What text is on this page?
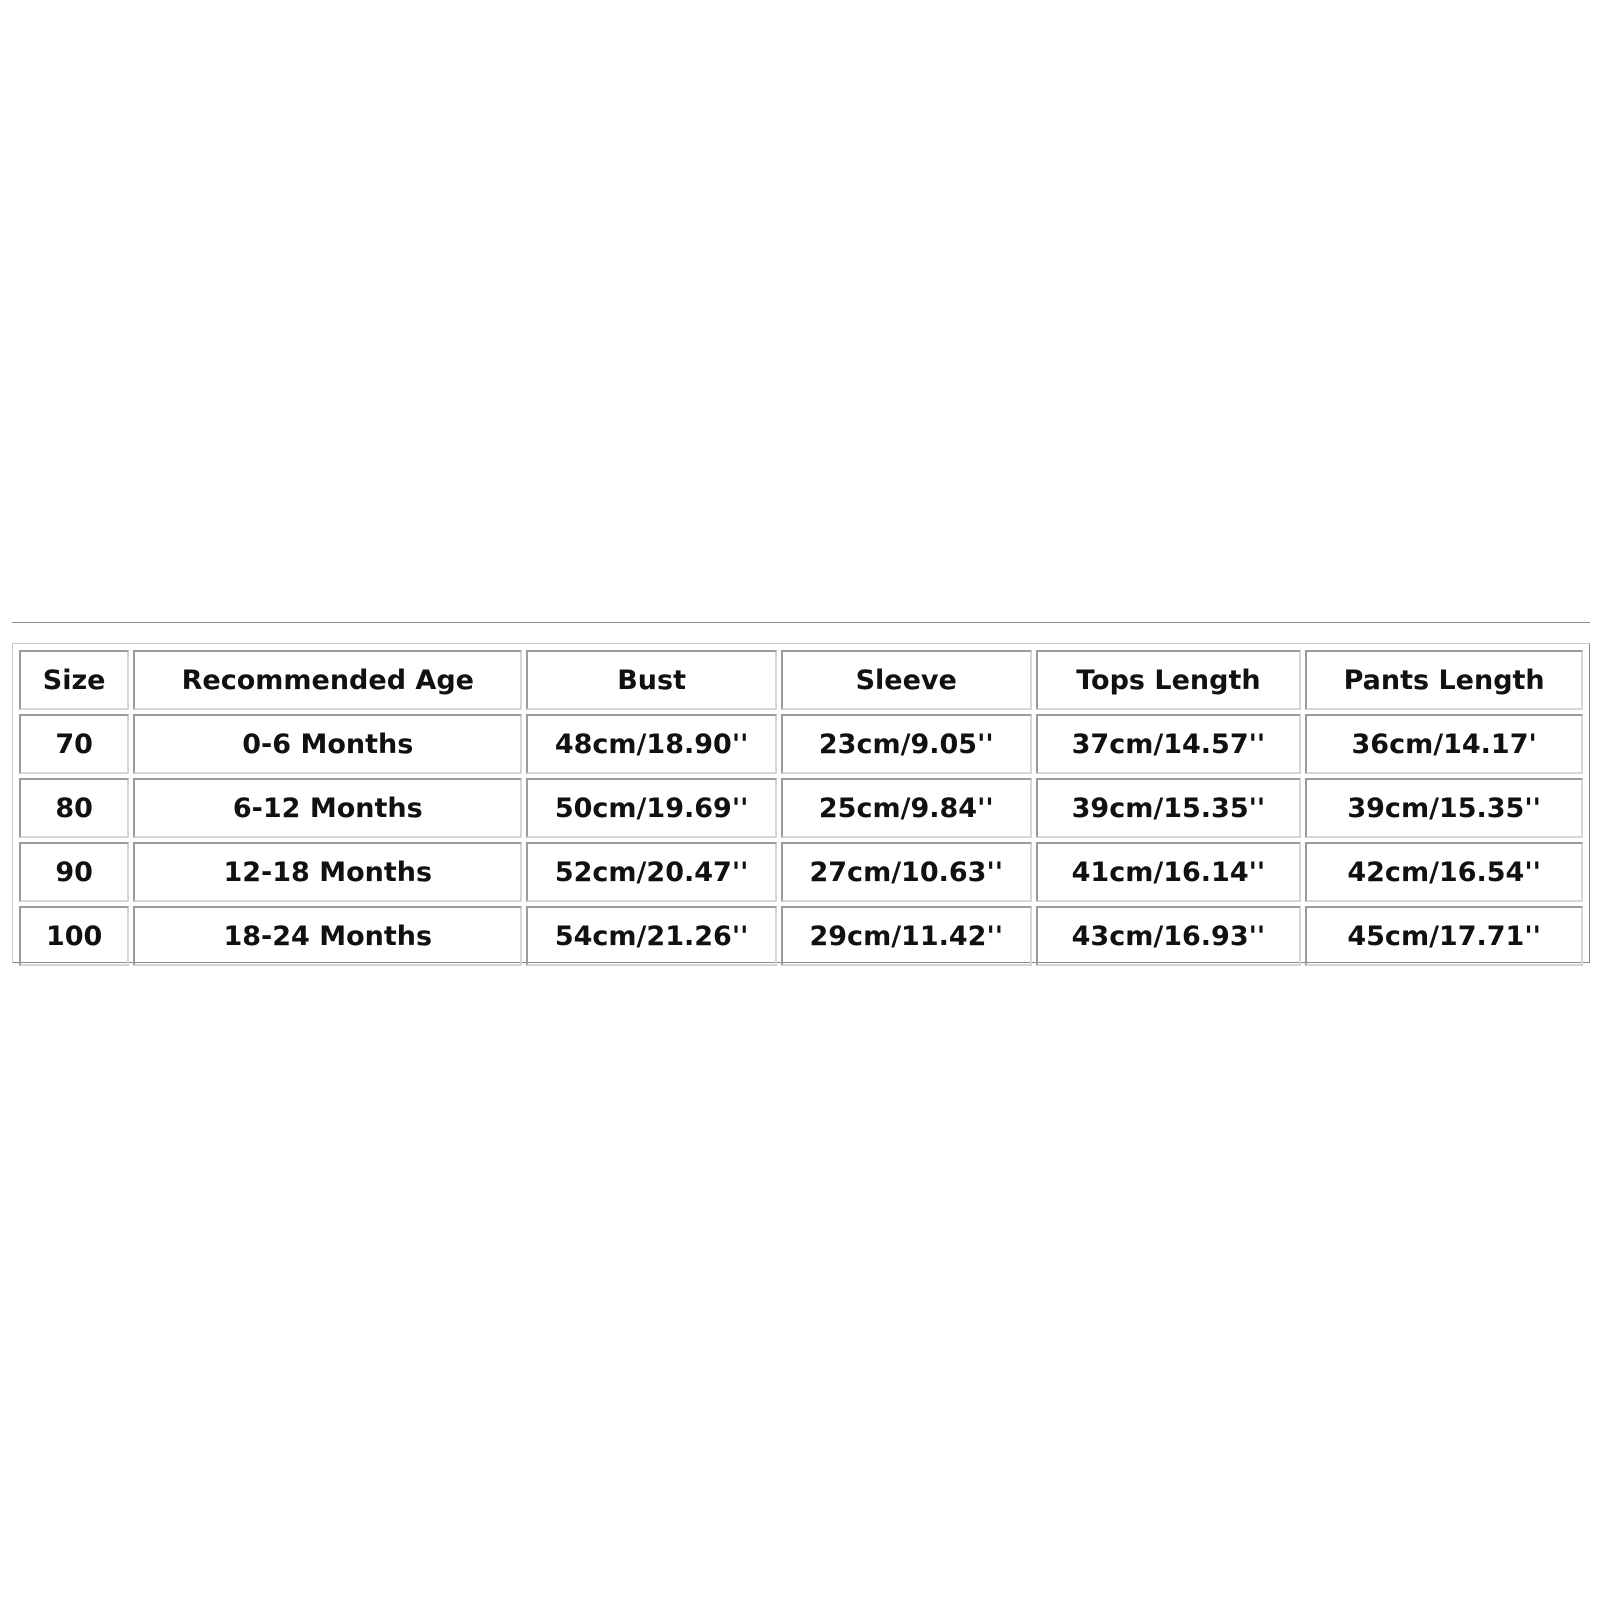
Size	Recommended Age	Bust	Sleeve	Tops Length	Pants Length
70	0-6 Months	48cm/18.90''	23cm/9.05''	37cm/14.57''	36cm/14.17'
80	6-12 Months	50cm/19.69''	25cm/9.84''	39cm/15.35''	39cm/15.35''
90	12-18 Months	52cm/20.47''	27cm/10.63''	41cm/16.14''	42cm/16.54''
100	18-24 Months	54cm/21.26''	29cm/11.42''	43cm/16.93''	45cm/17.71''
